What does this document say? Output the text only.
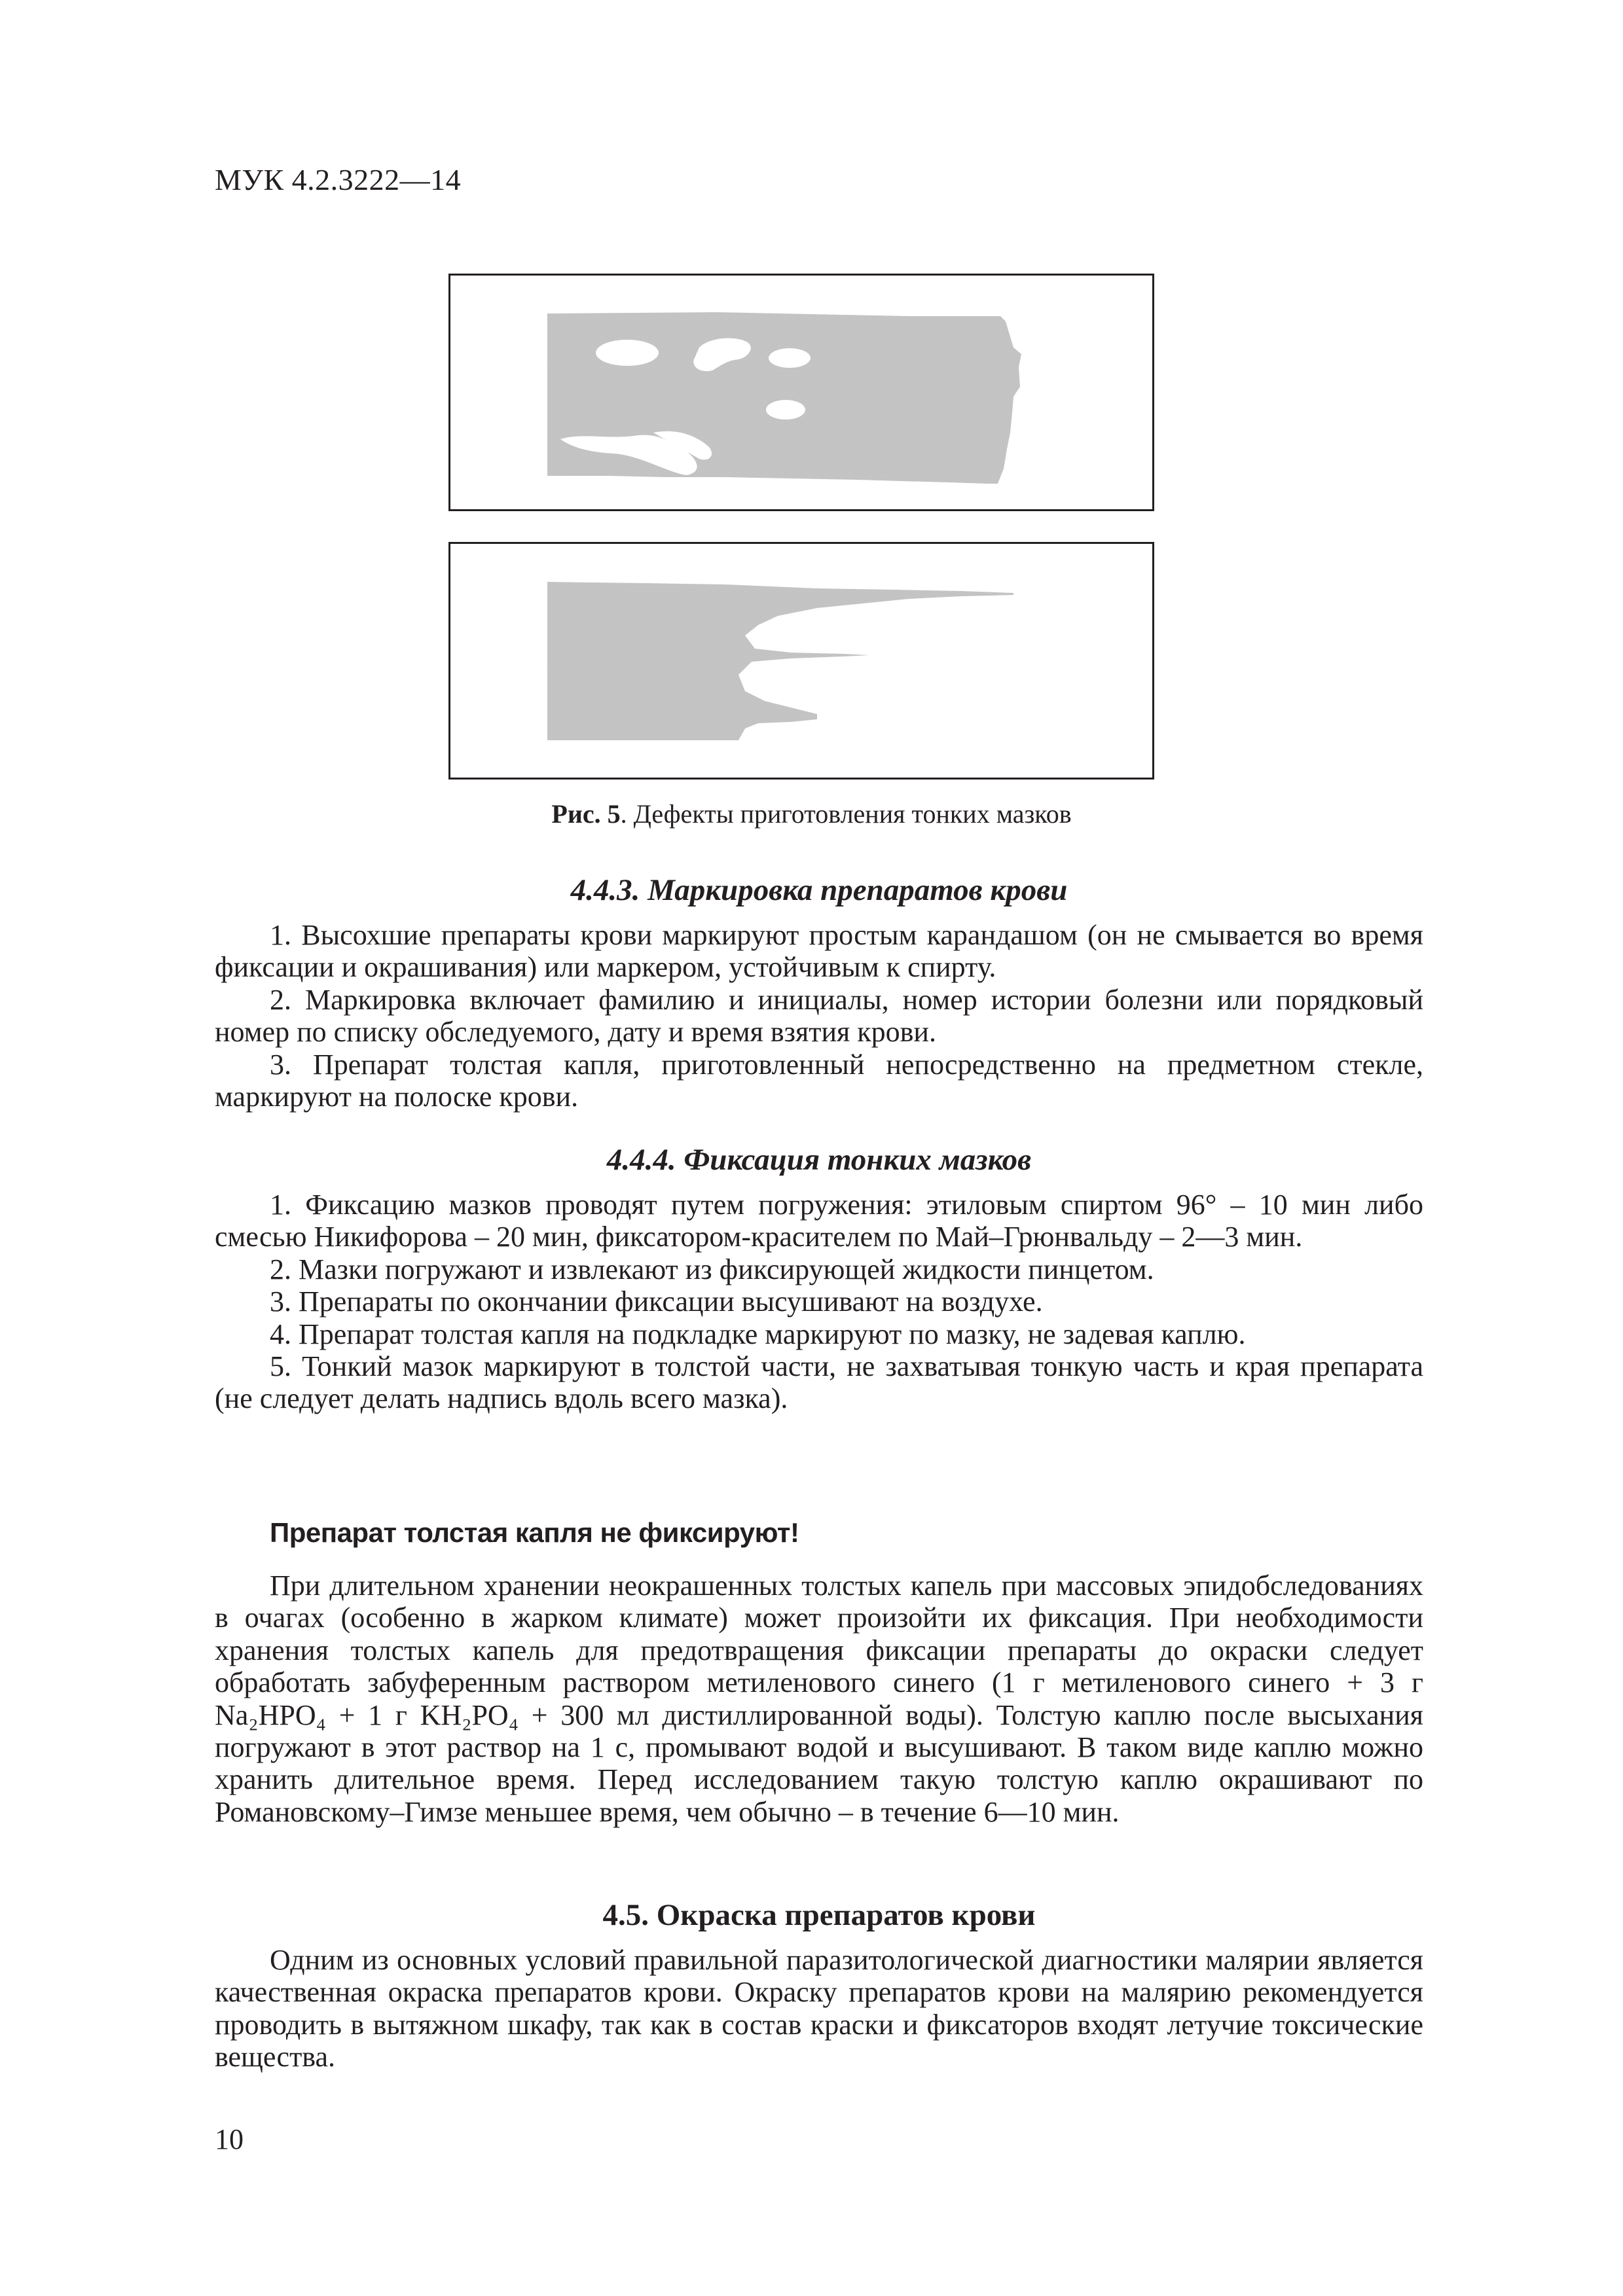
МУК 4.2.3222—14
Рис. 5. Дефекты приготовления тонких мазков
4.4.3. Маркировка препаратов крови

1. Высохшие препараты крови маркируют простым карандашом (он не смывается во время фиксации и окрашивания) или маркером, устойчивым к спирту.

2. Маркировка включает фамилию и инициалы, номер истории болезни или порядковый номер по списку обследуемого, дату и время взятия крови.

3. Препарат толстая капля, приготовленный непосредственно на предметном стекле, маркируют на полоске крови.

4.4.4. Фиксация тонких мазков

1. Фиксацию мазков проводят путем погружения: этиловым спиртом 96° – 10 мин либо смесью Никифорова – 20 мин, фиксатором-красителем по Май–Грюнвальду – 2—3 мин.

2. Мазки погружают и извлекают из фиксирующей жидкости пинцетом.

3. Препараты по окончании фиксации высушивают на воздухе.

4. Препарат толстая капля на подкладке маркируют по мазку, не задевая каплю.

5. Тонкий мазок маркируют в толстой части, не захватывая тонкую часть и края препарата (не следует делать надпись вдоль всего мазка).

Препарат толстая капля не фиксируют!

При длительном хранении неокрашенных толстых капель при массовых эпидобследованиях в очагах (особенно в жарком климате) может произойти их фиксация. При необходимости хранения толстых капель для предотвращения фиксации препараты до окраски следует обработать забуференным раствором метиленового синего (1 г метиленового синего + 3 г Na₂HPO₄ + 1 г KH₂PO₄ + 300 мл дистиллированной воды). Толстую каплю после высыхания погружают в этот раствор на 1 с, промывают водой и высушивают. В таком виде каплю можно хранить длительное время. Перед исследованием такую толстую каплю окрашивают по Романовскому–Гимзе меньшее время, чем обычно – в течение 6—10 мин.

4.5. Окраска препаратов крови

Одним из основных условий правильной паразитологической диагностики малярии является качественная окраска препаратов крови. Окраску препаратов крови на малярию рекомендуется проводить в вытяжном шкафу, так как в состав краски и фиксаторов входят летучие токсические вещества.

10
